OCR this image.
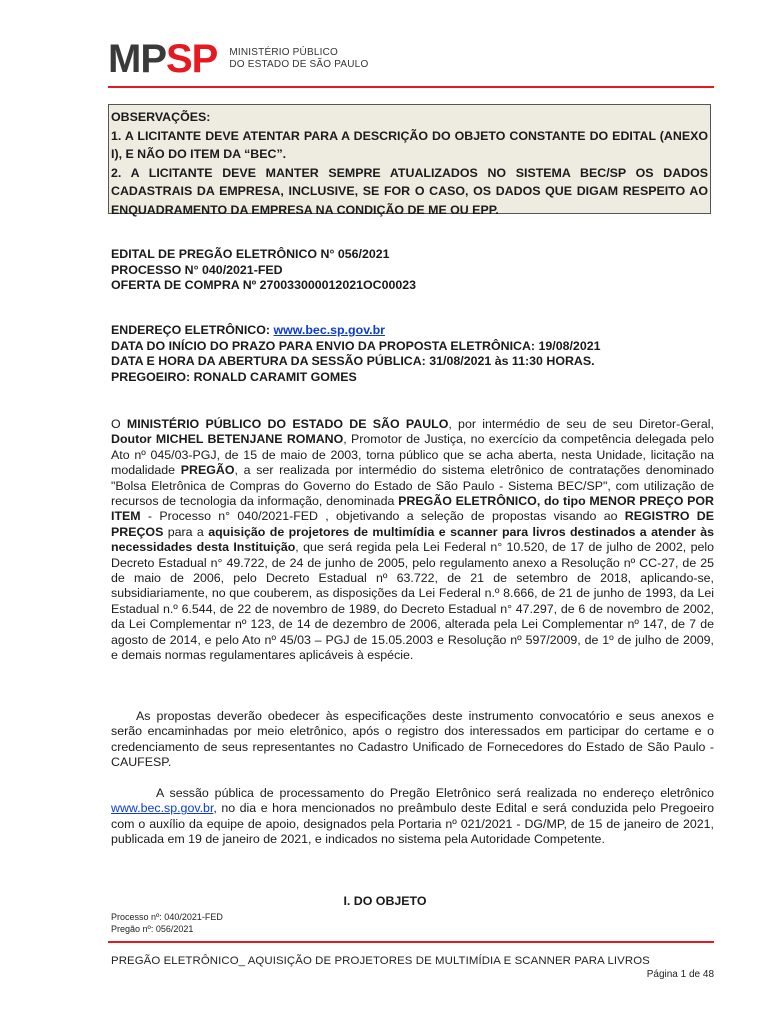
MPSP MINISTÉRIO PÚBLICO
DO ESTADO DE SÃO PAULO

OBSERVAÇÕES:

1. A LICITANTE DEVE ATENTAR PARA A DESCRIÇÃO DO OBJETO CONSTANTE DO EDITAL (ANEXO I), E NÃO DO ITEM DA “BEC”.

2. A LICITANTE DEVE MANTER SEMPRE ATUALIZADOS NO SISTEMA BEC/SP OS DADOS CADASTRAIS DA EMPRESA, INCLUSIVE, SE FOR O CASO, OS DADOS QUE DIGAM RESPEITO AO ENQUADRAMENTO DA EMPRESA NA CONDIÇÃO DE ME OU EPP.

EDITAL DE PREGÃO ELETRÔNICO N° 056/2021
PROCESSO N° 040/2021-FED
OFERTA DE COMPRA Nº 270033000012021OC00023
ENDEREÇO ELETRÔNICO: www.bec.sp.gov.br
DATA DO INÍCIO DO PRAZO PARA ENVIO DA PROPOSTA ELETRÔNICA: 19/08/2021
DATA E HORA DA ABERTURA DA SESSÃO PÚBLICA: 31/08/2021 às 11:30 HORAS.
PREGOEIRO: RONALD CARAMIT GOMES

O MINISTÉRIO PÚBLICO DO ESTADO DE SÃO PAULO, por intermédio de seu de seu Diretor-Geral, Doutor MICHEL BETENJANE ROMANO, Promotor de Justiça, no exercício da competência delegada pelo Ato nº 045/03-PGJ, de 15 de maio de 2003, torna público que se acha aberta, nesta Unidade, licitação na modalidade PREGÃO, a ser realizada por intermédio do sistema eletrônico de contratações denominado "Bolsa Eletrônica de Compras do Governo do Estado de São Paulo - Sistema BEC/SP", com utilização de recursos de tecnologia da informação, denominada PREGÃO ELETRÔNICO, do tipo MENOR PREÇO POR ITEM - Processo n° 040/2021-FED , objetivando a seleção de propostas visando ao REGISTRO DE PREÇOS para a aquisição de projetores de multimídia e scanner para livros destinados a atender às necessidades desta Instituição, que será regida pela Lei Federal n° 10.520, de 17 de julho de 2002, pelo Decreto Estadual n° 49.722, de 24 de junho de 2005, pelo regulamento anexo a Resolução nº CC-27, de 25 de maio de 2006, pelo Decreto Estadual nº 63.722, de 21 de setembro de 2018, aplicando-se, subsidiariamente, no que couberem, as disposições da Lei Federal n.º 8.666, de 21 de junho de 1993, da Lei Estadual n.º 6.544, de 22 de novembro de 1989, do Decreto Estadual n° 47.297, de 6 de novembro de 2002, da Lei Complementar nº 123, de 14 de dezembro de 2006, alterada pela Lei Complementar nº 147, de 7 de agosto de 2014, e pelo Ato nº 45/03 – PGJ de 15.05.2003 e Resolução nº 597/2009, de 1º de julho de 2009, e demais normas regulamentares aplicáveis à espécie.

As propostas deverão obedecer às especificações deste instrumento convocatório e seus anexos e serão encaminhadas por meio eletrônico, após o registro dos interessados em participar do certame e o credenciamento de seus representantes no Cadastro Unificado de Fornecedores do Estado de São Paulo - CAUFESP.

A sessão pública de processamento do Pregão Eletrônico será realizada no endereço eletrônico www.bec.sp.gov.br, no dia e hora mencionados no preâmbulo deste Edital e será conduzida pelo Pregoeiro com o auxílio da equipe de apoio, designados pela Portaria nº 021/2021 - DG/MP, de 15 de janeiro de 2021, publicada em 19 de janeiro de 2021, e indicados no sistema pela Autoridade Competente.

I. DO OBJETO
Processo nº: 040/2021-FED
Pregão nº: 056/2021
PREGÃO ELETRÔNICO_ AQUISIÇÃO DE PROJETORES DE MULTIMÍDIA E SCANNER PARA LIVROS
Página 1 de 48
